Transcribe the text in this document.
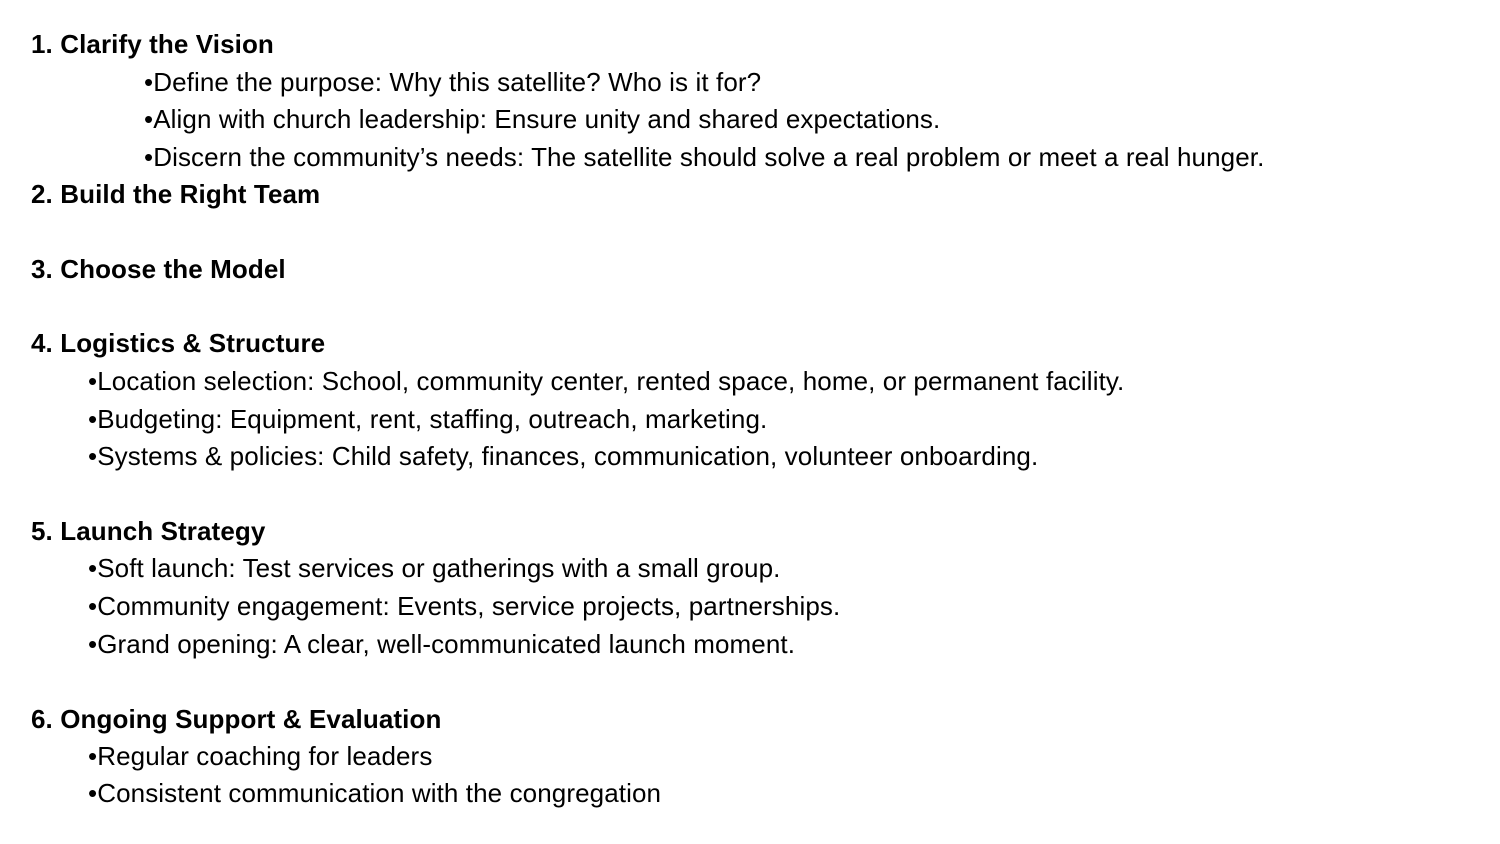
1. Clarify the Vision
•Define the purpose: Why this satellite? Who is it for?
•Align with church leadership: Ensure unity and shared expectations.
•Discern the community’s needs: The satellite should solve a real problem or meet a real hunger.
2. Build the Right Team
3. Choose the Model
4. Logistics & Structure
•Location selection: School, community center, rented space, home, or permanent facility.
•Budgeting: Equipment, rent, staffing, outreach, marketing.
•Systems & policies: Child safety, finances, communication, volunteer onboarding.
5. Launch Strategy
•Soft launch: Test services or gatherings with a small group.
•Community engagement: Events, service projects, partnerships.
•Grand opening: A clear, well-communicated launch moment.
6. Ongoing Support & Evaluation
•Regular coaching for leaders
•Consistent communication with the congregation
